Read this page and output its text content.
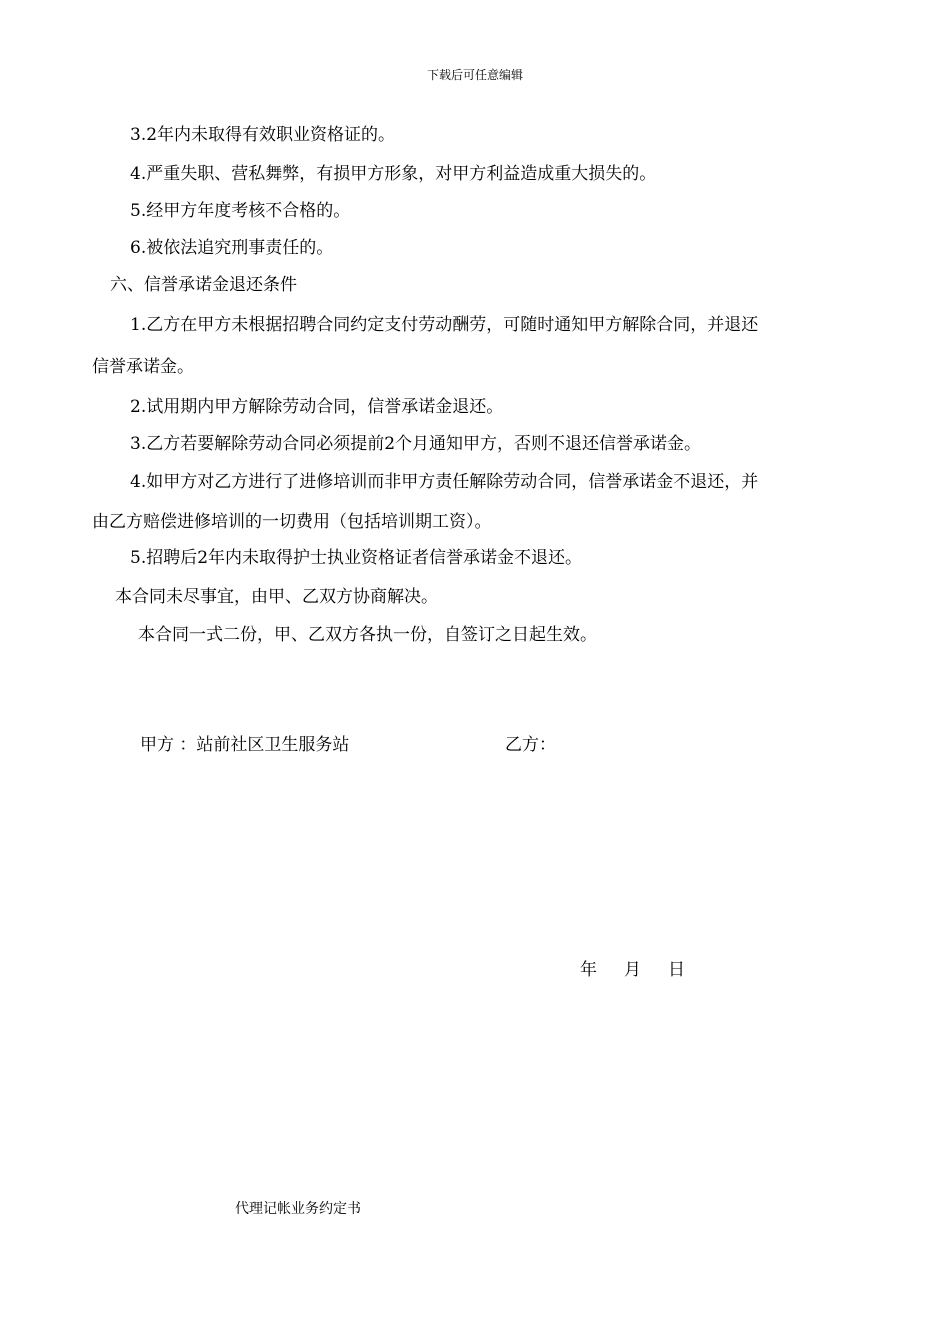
下载后可任意编辑
3.2年内未取得有效职业资格证的。
4.严重失职、营私舞弊，有损甲方形象，对甲方利益造成重大损失的。
5.经甲方年度考核不合格的。
6.被依法追究刑事责任的。
六、信誉承诺金退还条件
1.乙方在甲方未根据招聘合同约定支付劳动酬劳，可随时通知甲方解除合同，并退还
信誉承诺金。
2.试用期内甲方解除劳动合同，信誉承诺金退还。
3.乙方若要解除劳动合同必须提前2个月通知甲方，否则不退还信誉承诺金。
4.如甲方对乙方进行了进修培训而非甲方责任解除劳动合同，信誉承诺金不退还，并
由乙方赔偿进修培训的一切费用（包括培训期工资）。
5.招聘后2年内未取得护士执业资格证者信誉承诺金不退还。
本合同未尽事宜，由甲、乙双方协商解决。
本合同一式二份，甲、乙双方各执一份，自签订之日起生效。
甲方 ：站前社区卫生服务站	乙方：
年     月     日
代理记帐业务约定书
